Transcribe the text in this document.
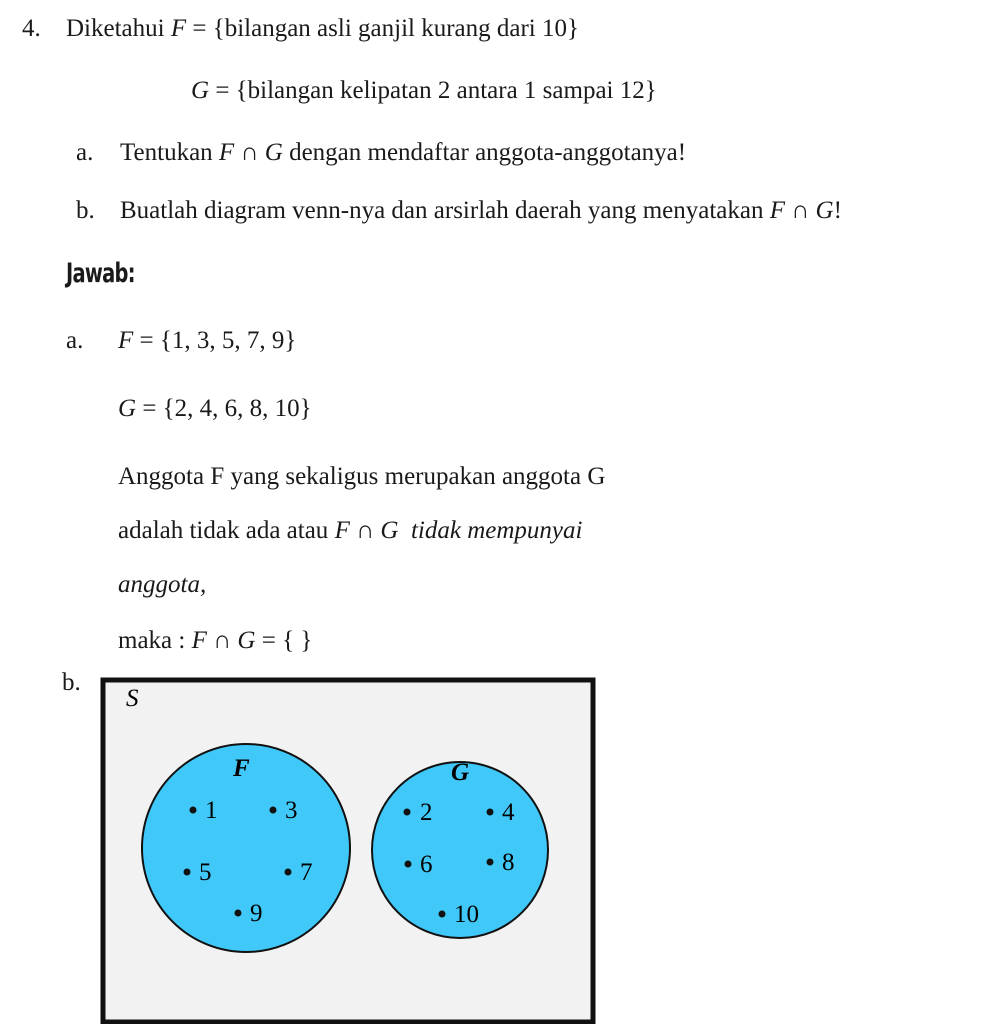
4. Diketahui F = {bilangan asli ganjil kurang dari 10}
G = {bilangan kelipatan 2 antara 1 sampai 12}
a. Tentukan F ∩ G dengan mendaftar anggota-anggotanya!
b. Buatlah diagram venn-nya dan arsirlah daerah yang menyatakan F ∩ G!
Jawab:
a. F = {1, 3, 5, 7, 9}
G = {2, 4, 6, 8, 10}
Anggota F yang sekaligus merupakan anggota G
adalah tidak ada atau F ∩ G tidak mempunyai
anggota,
maka : F ∩ G = { }
b.
S
F	G
1	3
5	7
9
2	4
6	8
10
